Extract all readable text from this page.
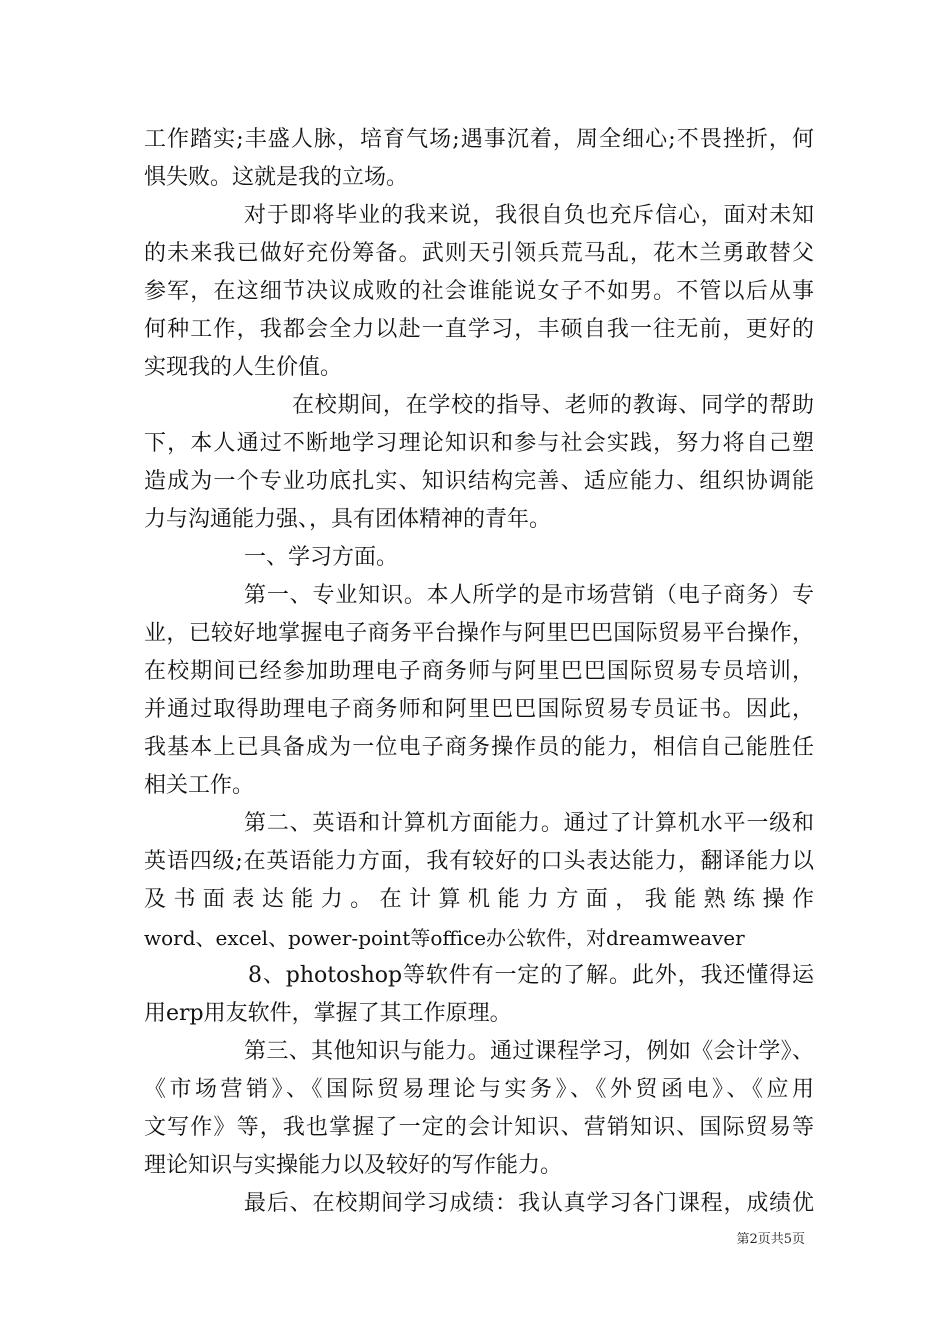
工作踏实;丰盛人脉，培育气场;遇事沉着，周全细心;不畏挫折，何
惧失败。这就是我的立场。
对于即将毕业的我来说，我很自负也充斥信心，面对未知
的未来我已做好充份筹备。武则天引领兵荒马乱，花木兰勇敢替父
参军，在这细节决议成败的社会谁能说女子不如男。不管以后从事
何种工作，我都会全力以赴一直学习，丰硕自我一往无前，更好的
实现我的人生价值。
在校期间，在学校的指导、老师的教诲、同学的帮助
下，本人通过不断地学习理论知识和参与社会实践，努力将自己塑
造成为一个专业功底扎实、知识结构完善、适应能力、组织协调能
力与沟通能力强、，具有团体精神的青年。
一、学习方面。
第一、专业知识。本人所学的是市场营销（电子商务）专
业，已较好地掌握电子商务平台操作与阿里巴巴国际贸易平台操作，
在校期间已经参加助理电子商务师与阿里巴巴国际贸易专员培训，
并通过取得助理电子商务师和阿里巴巴国际贸易专员证书。因此，
我基本上已具备成为一位电子商务操作员的能力，相信自己能胜任
相关工作。
第二、英语和计算机方面能力。通过了计算机水平一级和
英语四级;在英语能力方面，我有较好的口头表达能力，翻译能力以
及书面表达能力。在计算机能力方面，我能熟练操作
word、excel、power-point等office办公软件，对dreamweaver
8、photoshop等软件有一定的了解。此外，我还懂得运
用erp用友软件，掌握了其工作原理。
第三、其他知识与能力。通过课程学习，例如《会计学》、
《市场营销》、《国际贸易理论与实务》、《外贸函电》、《应用
文写作》等，我也掌握了一定的会计知识、营销知识、国际贸易等
理论知识与实操能力以及较好的写作能力。
最后、在校期间学习成绩：我认真学习各门课程，成绩优
第2页共5页
